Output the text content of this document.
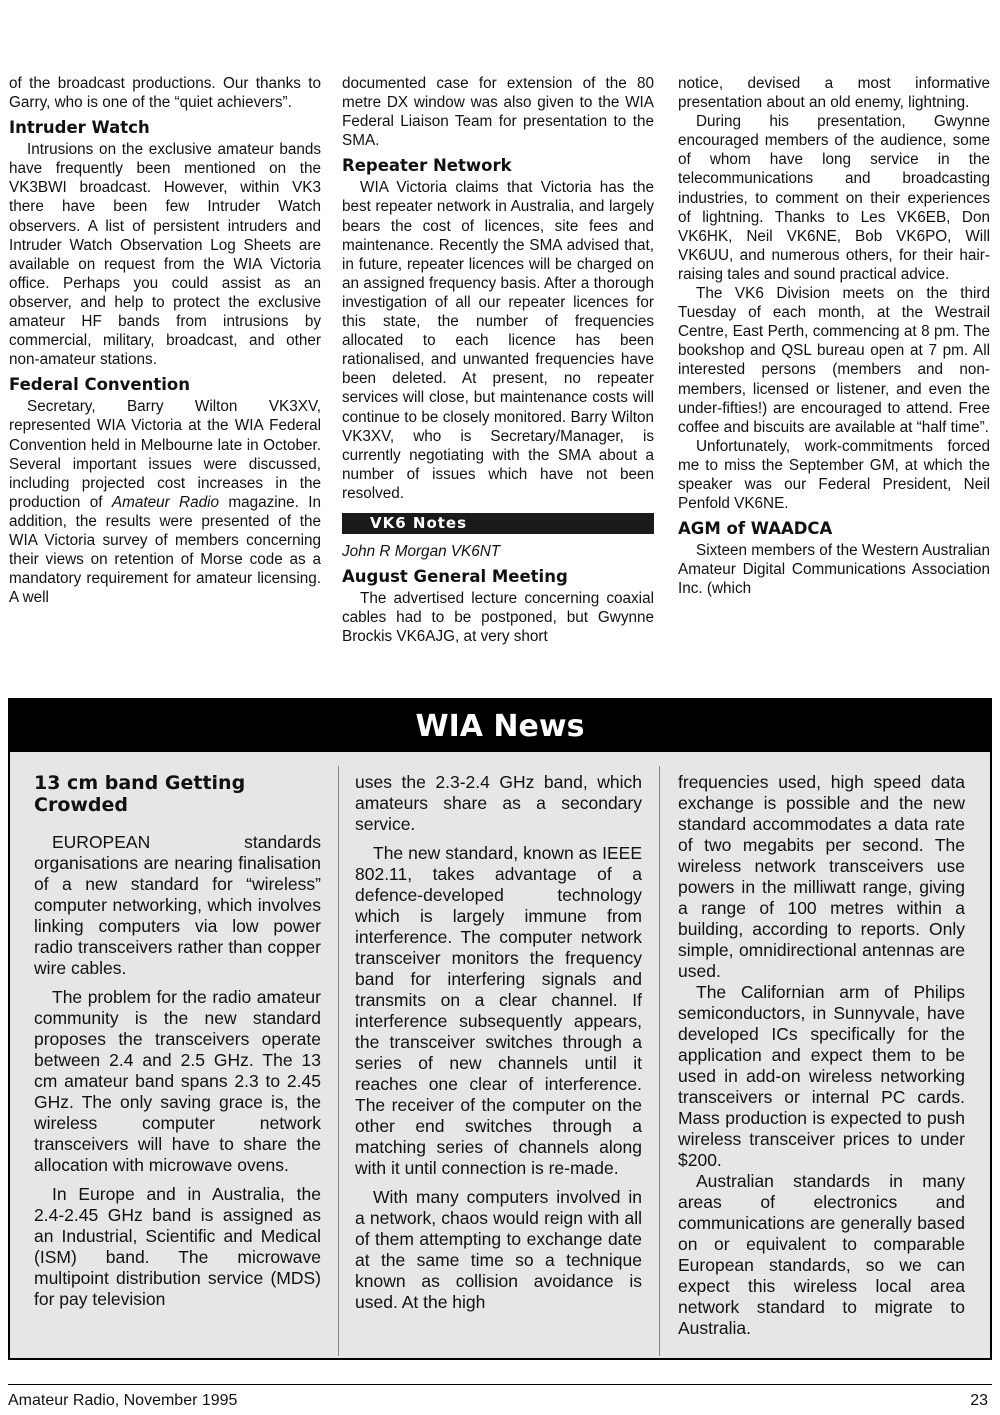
of the broadcast productions. Our thanks to Garry, who is one of the “quiet achievers”.

Intruder Watch

Intrusions on the exclusive amateur bands have frequently been mentioned on the VK3BWI broadcast. However, within VK3 there have been few Intruder Watch observers. A list of persistent intruders and Intruder Watch Observation Log Sheets are available on request from the WIA Victoria office. Perhaps you could assist as an observer, and help to protect the exclusive amateur HF bands from intrusions by commercial, military, broadcast, and other non-amateur stations.

Federal Convention

Secretary, Barry Wilton VK3XV, represented WIA Victoria at the WIA Federal Convention held in Melbourne late in October. Several important issues were discussed, including projected cost increases in the production of Amateur Radio magazine. In addition, the results were presented of the WIA Victoria survey of members concerning their views on retention of Morse code as a mandatory requirement for amateur licensing. A well

documented case for extension of the 80 metre DX window was also given to the WIA Federal Liaison Team for presentation to the SMA.

Repeater Network

WIA Victoria claims that Victoria has the best repeater network in Australia, and largely bears the cost of licences, site fees and maintenance. Recently the SMA advised that, in future, repeater licences will be charged on an assigned frequency basis. After a thorough investigation of all our repeater licences for this state, the number of frequencies allocated to each licence has been rationalised, and unwanted frequencies have been deleted. At present, no repeater services will close, but maintenance costs will continue to be closely monitored. Barry Wilton VK3XV, who is Secretary/Manager, is currently negotiating with the SMA about a number of issues which have not been resolved.

VK6 Notes

John R Morgan VK6NT

August General Meeting

The advertised lecture concerning coaxial cables had to be postponed, but Gwynne Brockis VK6AJG, at very short

notice, devised a most informative presentation about an old enemy, lightning.

During his presentation, Gwynne encouraged members of the audience, some of whom have long service in the telecommunications and broadcasting industries, to comment on their experiences of lightning. Thanks to Les VK6EB, Don VK6HK, Neil VK6NE, Bob VK6PO, Will VK6UU, and numerous others, for their hair-raising tales and sound practical advice.

The VK6 Division meets on the third Tuesday of each month, at the Westrail Centre, East Perth, commencing at 8 pm. The bookshop and QSL bureau open at 7 pm. All interested persons (members and non-members, licensed or listener, and even the under-fifties!) are encouraged to attend. Free coffee and biscuits are available at “half time”.

Unfortunately, work-commitments forced me to miss the September GM, at which the speaker was our Federal President, Neil Penfold VK6NE.

AGM of WAADCA

Sixteen members of the Western Australian Amateur Digital Communications Association Inc. (which

WIA News
13 cm band Getting Crowded

EUROPEAN standards organisations are nearing finalisation of a new standard for “wireless” computer networking, which involves linking computers via low power radio transceivers rather than copper wire cables.

The problem for the radio amateur community is the new standard proposes the transceivers operate between 2.4 and 2.5 GHz. The 13 cm amateur band spans 2.3 to 2.45 GHz. The only saving grace is, the wireless computer network transceivers will have to share the allocation with microwave ovens.

In Europe and in Australia, the 2.4-2.45 GHz band is assigned as an Industrial, Scientific and Medical (ISM) band. The microwave multipoint distribution service (MDS) for pay television

uses the 2.3-2.4 GHz band, which amateurs share as a secondary service.

The new standard, known as IEEE 802.11, takes advantage of a defence-developed technology which is largely immune from interference. The computer network transceiver monitors the frequency band for interfering signals and transmits on a clear channel. If interference subsequently appears, the transceiver switches through a series of new channels until it reaches one clear of interference. The receiver of the computer on the other end switches through a matching series of channels along with it until connection is re-made.

With many computers involved in a network, chaos would reign with all of them attempting to exchange date at the same time so a technique known as collision avoidance is used. At the high

frequencies used, high speed data exchange is possible and the new standard accommodates a data rate of two megabits per second. The wireless network transceivers use powers in the milliwatt range, giving a range of 100 metres within a building, according to reports. Only simple, omnidirectional antennas are used.

The Californian arm of Philips semiconductors, in Sunnyvale, have developed ICs specifically for the application and expect them to be used in add-on wireless networking transceivers or internal PC cards. Mass production is expected to push wireless transceiver prices to under $200.

Australian standards in many areas of electronics and communications are generally based on or equivalent to comparable European standards, so we can expect this wireless local area network standard to migrate to Australia.

Amateur Radio, November 1995	23
